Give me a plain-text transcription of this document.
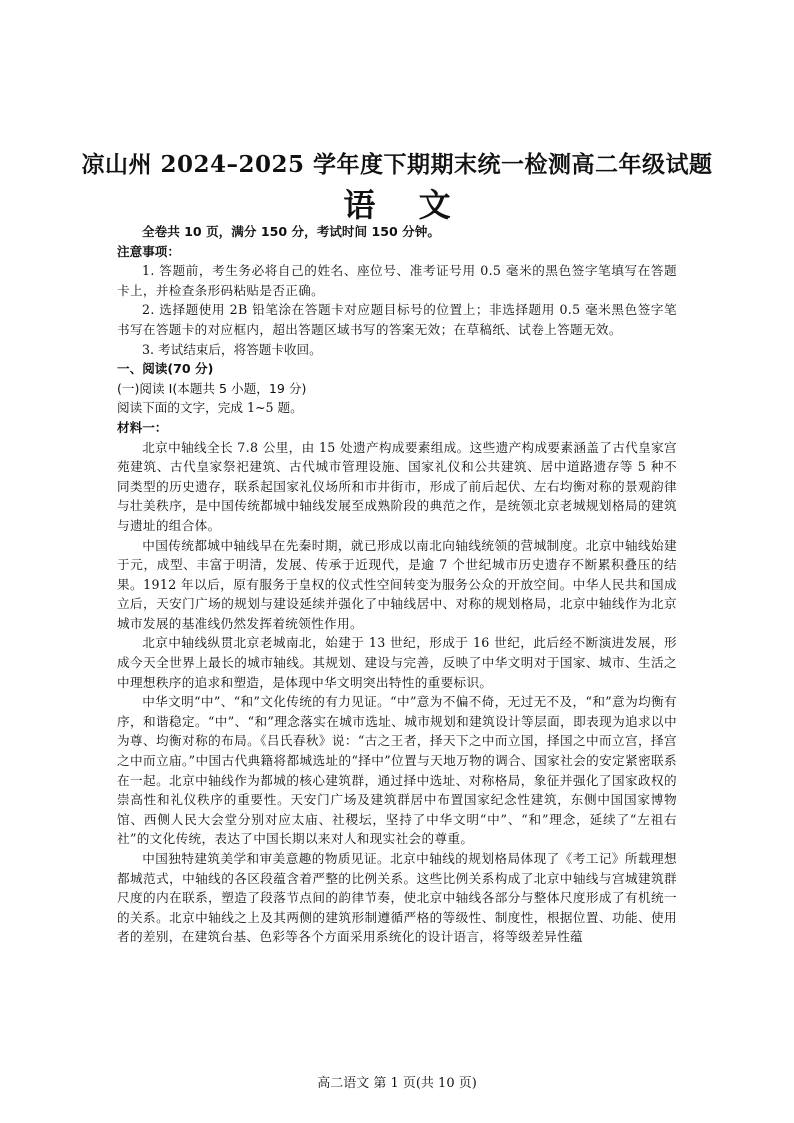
凉山州 2024–2025 学年度下期期末统一检测高二年级试题
语 文

全卷共 10 页，满分 150 分，考试时间 150 分钟。

注意事项：

1. 答题前，考生务必将自己的姓名、座位号、准考证号用 0.5 毫米的黑色签字笔填写在答题卡上，并检查条形码粘贴是否正确。

2. 选择题使用 2B 铅笔涂在答题卡对应题目标号的位置上；非选择题用 0.5 毫米黑色签字笔书写在答题卡的对应框内，超出答题区域书写的答案无效；在草稿纸、试卷上答题无效。

3. 考试结束后，将答题卡收回。

一、阅读(70 分)

(一)阅读 Ⅰ(本题共 5 小题，19 分)

阅读下面的文字，完成 1~5 题。

材料一：

北京中轴线全长 7.8 公里，由 15 处遗产构成要素组成。这些遗产构成要素涵盖了古代皇家宫苑建筑、古代皇家祭祀建筑、古代城市管理设施、国家礼仪和公共建筑、居中道路遗存等 5 种不同类型的历史遗存，联系起国家礼仪场所和市井街市，形成了前后起伏、左右均衡对称的景观韵律与壮美秩序，是中国传统都城中轴线发展至成熟阶段的典范之作，是统领北京老城规划格局的建筑与遗址的组合体。

中国传统都城中轴线早在先秦时期，就已形成以南北向轴线统领的营城制度。北京中轴线始建于元，成型、丰富于明清，发展、传承于近现代，是逾 7 个世纪城市历史遗存不断累积叠压的结果。1912 年以后，原有服务于皇权的仪式性空间转变为服务公众的开放空间。中华人民共和国成立后，天安门广场的规划与建设延续并强化了中轴线居中、对称的规划格局，北京中轴线作为北京城市发展的基准线仍然发挥着统领性作用。

北京中轴线纵贯北京老城南北，始建于 13 世纪，形成于 16 世纪，此后经不断演进发展，形成今天全世界上最长的城市轴线。其规划、建设与完善，反映了中华文明对于国家、城市、生活之中理想秩序的追求和塑造，是体现中华文明突出特性的重要标识。

中华文明“中”、“和”文化传统的有力见证。“中”意为不偏不倚，无过无不及，“和”意为均衡有序，和谐稳定。“中”、“和”理念落实在城市选址、城市规划和建筑设计等层面，即表现为追求以中为尊、均衡对称的布局。《吕氏春秋》说：“古之王者，择天下之中而立国，择国之中而立宫，择宫之中而立庙。”中国古代典籍将都城选址的“择中”位置与天地万物的调合、国家社会的安定紧密联系在一起。北京中轴线作为都城的核心建筑群，通过择中选址、对称格局，象征并强化了国家政权的崇高性和礼仪秩序的重要性。天安门广场及建筑群居中布置国家纪念性建筑，东侧中国国家博物馆、西侧人民大会堂分别对应太庙、社稷坛，坚持了中华文明“中”、“和”理念，延续了“左祖右社”的文化传统，表达了中国长期以来对人和现实社会的尊重。

中国独特建筑美学和审美意趣的物质见证。北京中轴线的规划格局体现了《考工记》所载理想都城范式，中轴线的各区段蕴含着严整的比例关系。这些比例关系构成了北京中轴线与宫城建筑群尺度的内在联系，塑造了段落节点间的韵律节奏，使北京中轴线各部分与整体尺度形成了有机统一的关系。北京中轴线之上及其两侧的建筑形制遵循严格的等级性、制度性，根据位置、功能、使用者的差别，在建筑台基、色彩等各个方面采用系统化的设计语言，将等级差异性蕴

高二语文 第 1 页(共 10 页)
